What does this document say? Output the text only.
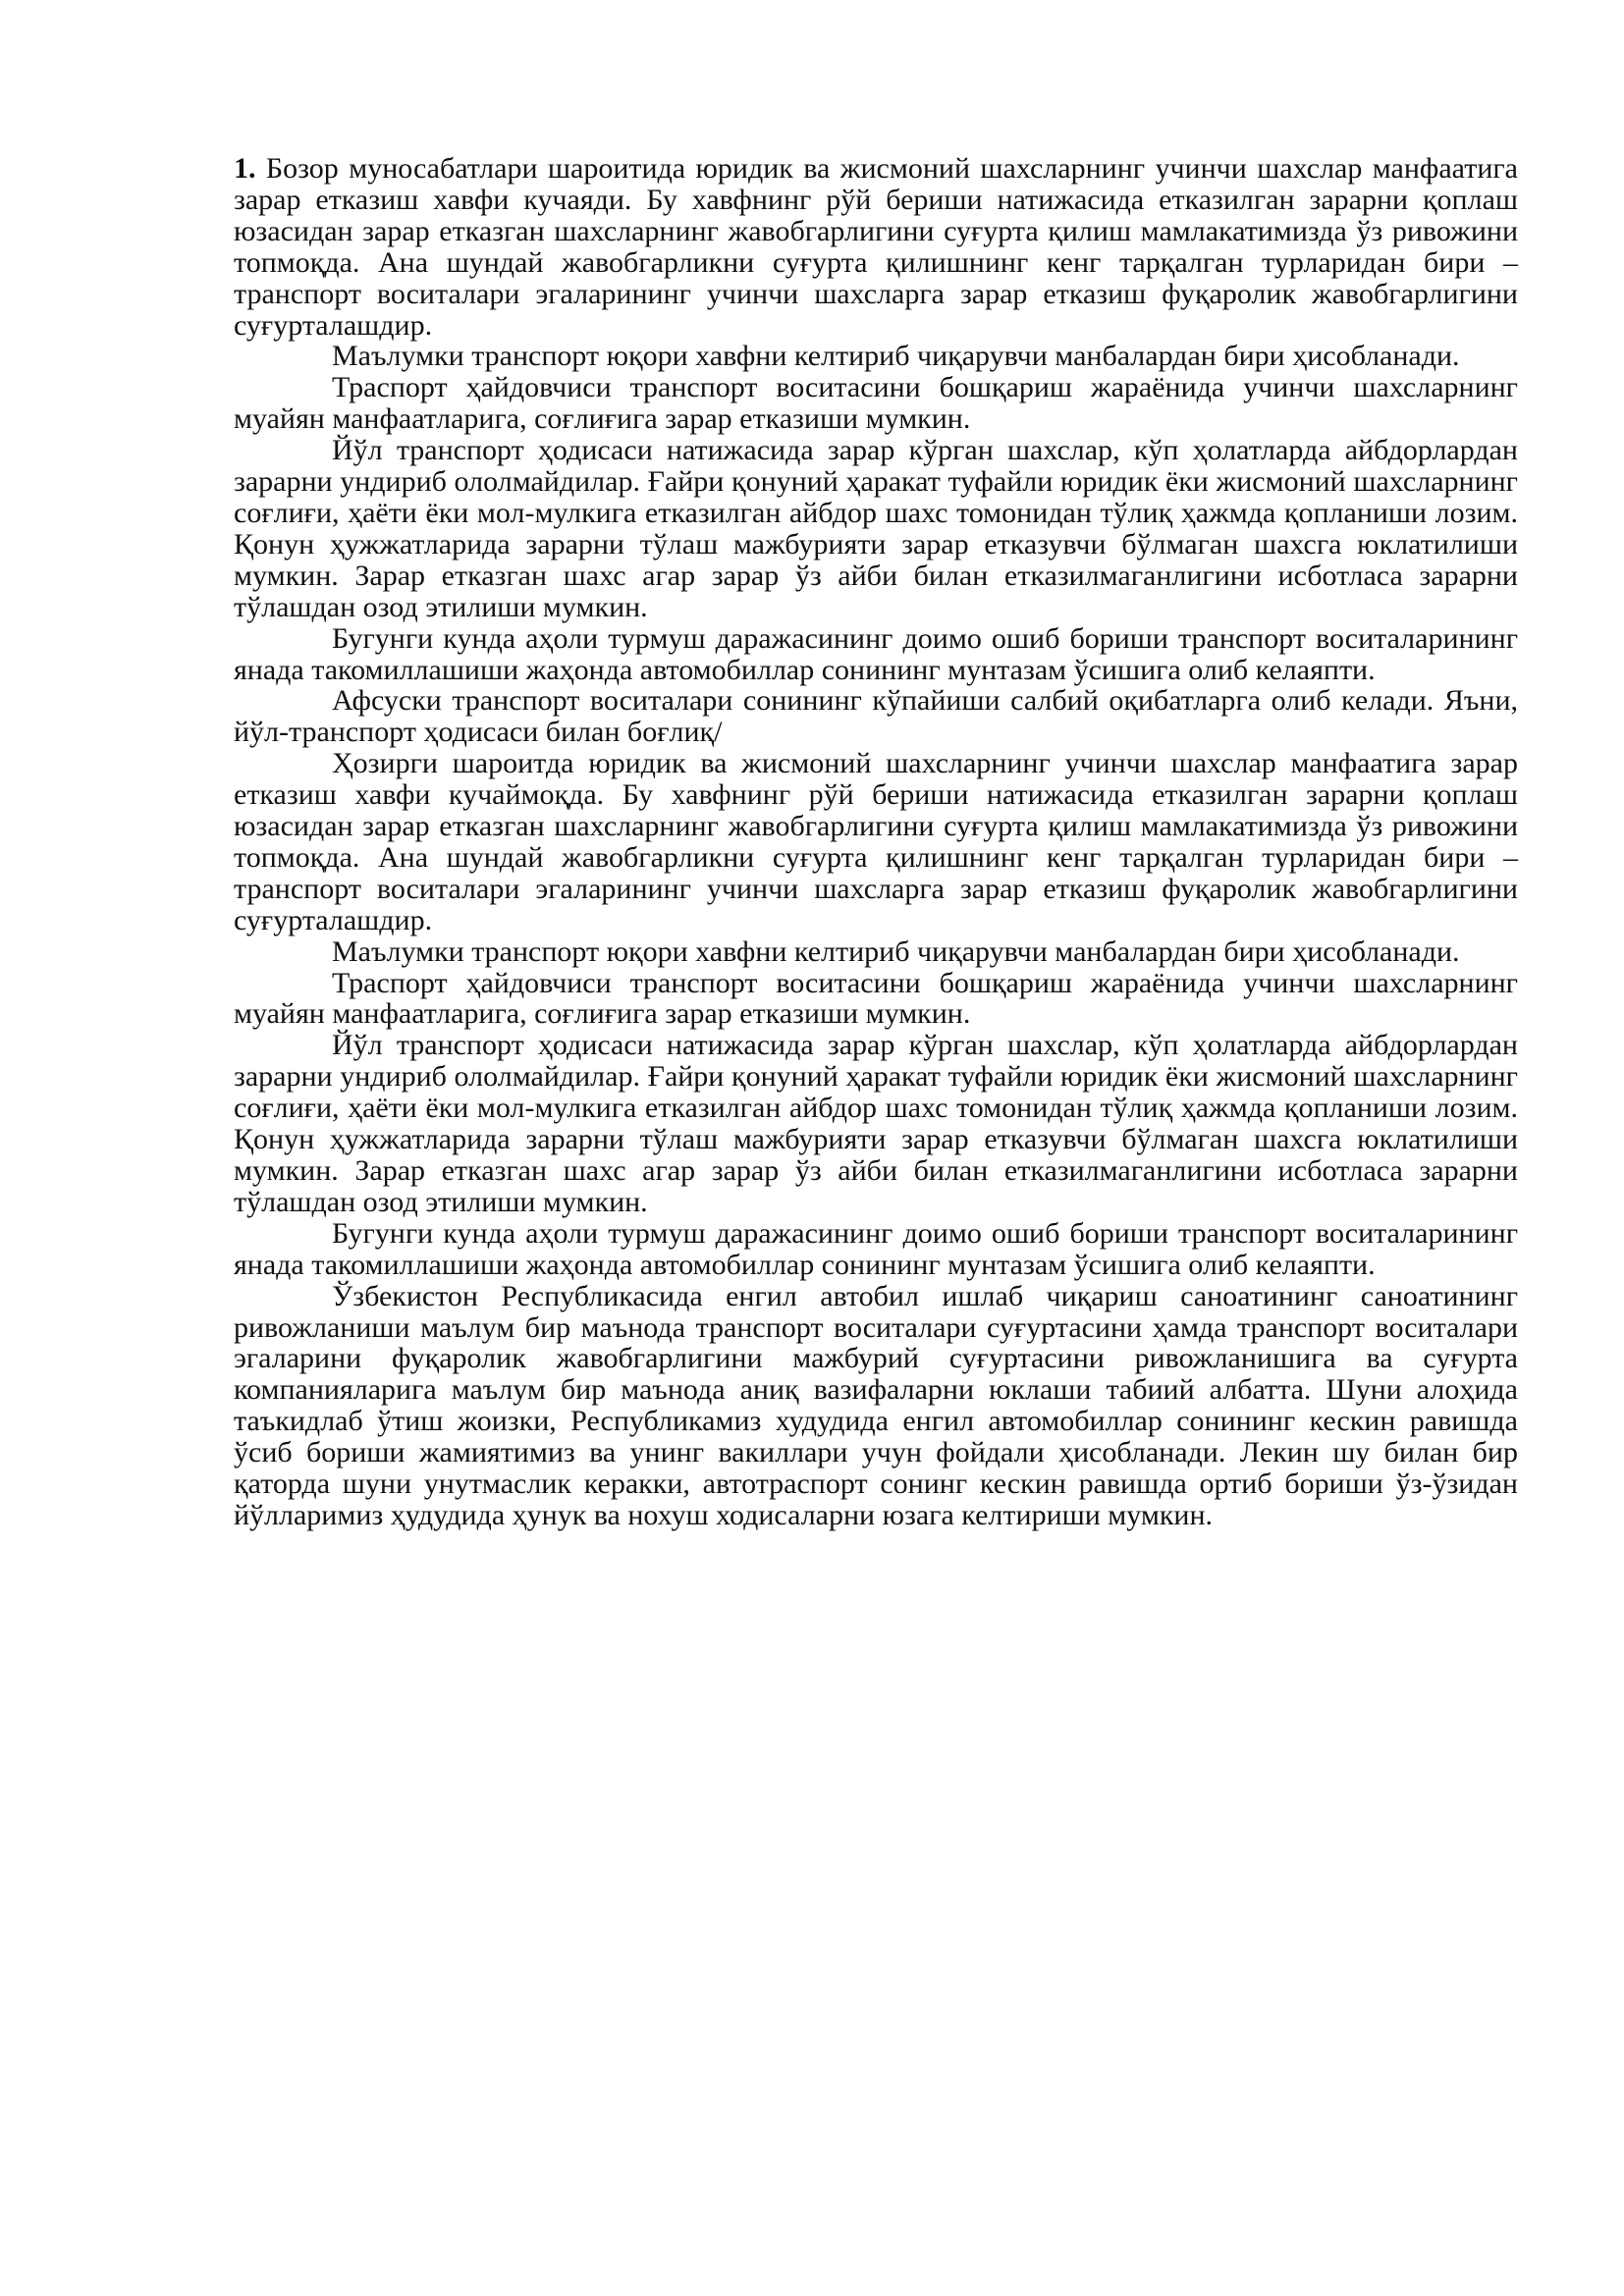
1. Бозор муносабатлари шароитида юридик ва жисмоний шахсларнинг учинчи шахслар манфаатига зарар етказиш хавфи кучаяди. Бу хавфнинг рўй бериши натижасида етказилган зарарни қоплаш юзасидан зарар етказган шахсларнинг жавобгарлигини суғурта қилиш мамлакатимизда ўз ривожини топмоқда. Ана шундай жавобгарликни суғурта қилишнинг кенг тарқалган турларидан бири – транспорт воситалари эгаларининг учинчи шахсларга зарар етказиш фуқаролик жавобгарлигини суғурталашдир.

Маълумки транспорт юқори хавфни келтириб чиқарувчи манбалардан бири ҳисобланади.

Траспорт ҳайдовчиси транспорт воситасини бошқариш жараёнида учинчи шахсларнинг муайян манфаатларига, соғлиғига зарар етказиши мумкин.

Йўл транспорт ҳодисаси натижасида зарар кўрган шахслар, кўп ҳолатларда айбдорлардан зарарни ундириб ололмайдилар. Ғайри қонуний ҳаракат туфайли юридик ёки жисмоний шахсларнинг соғлиғи, ҳаёти ёки мол-мулкига етказилган айбдор шахс томонидан тўлиқ ҳажмда қопланиши лозим. Қонун ҳужжатларида зарарни тўлаш мажбурияти зарар етказувчи бўлмаган шахсга юклатилиши мумкин. Зарар етказган шахс агар зарар ўз айби билан етказилмаганлигини исботласа зарарни тўлашдан озод этилиши мумкин.

Бугунги кунда аҳоли турмуш даражасининг доимо ошиб бориши транспорт воситаларининг янада такомиллашиши жаҳонда автомобиллар сонининг мунтазам ўсишига олиб келаяпти.

Афсуски транспорт воситалари сонининг кўпайиши салбий оқибатларга олиб келади. Яъни, йўл-транспорт ҳодисаси билан боғлиқ/

Ҳозирги шароитда юридик ва жисмоний шахсларнинг учинчи шахслар манфаатига зарар етказиш хавфи кучаймоқда. Бу хавфнинг рўй бериши натижасида етказилган зарарни қоплаш юзасидан зарар етказган шахсларнинг жавобгарлигини суғурта қилиш мамлакатимизда ўз ривожини топмоқда. Ана шундай жавобгарликни суғурта қилишнинг кенг тарқалган турларидан бири – транспорт воситалари эгаларининг учинчи шахсларга зарар етказиш фуқаролик жавобгарлигини суғурталашдир.

Маълумки транспорт юқори хавфни келтириб чиқарувчи манбалардан бири ҳисобланади.

Траспорт ҳайдовчиси транспорт воситасини бошқариш жараёнида учинчи шахсларнинг муайян манфаатларига, соғлиғига зарар етказиши мумкин.

Йўл транспорт ҳодисаси натижасида зарар кўрган шахслар, кўп ҳолатларда айбдорлардан зарарни ундириб ололмайдилар. Ғайри қонуний ҳаракат туфайли юридик ёки жисмоний шахсларнинг соғлиғи, ҳаёти ёки мол-мулкига етказилган айбдор шахс томонидан тўлиқ ҳажмда қопланиши лозим. Қонун ҳужжатларида зарарни тўлаш мажбурияти зарар етказувчи бўлмаган шахсга юклатилиши мумкин. Зарар етказган шахс агар зарар ўз айби билан етказилмаганлигини исботласа зарарни тўлашдан озод этилиши мумкин.

Бугунги кунда аҳоли турмуш даражасининг доимо ошиб бориши транспорт воситаларининг янада такомиллашиши жаҳонда автомобиллар сонининг мунтазам ўсишига олиб келаяпти.

Ўзбекистон Республикасида енгил автобил ишлаб чиқариш саноатининг саноатининг ривожланиши маълум бир маънода транспорт воситалари суғуртасини ҳамда транспорт воситалари эгаларини фуқаролик жавобгарлигини мажбурий суғуртасини ривожланишига ва суғурта компанияларига маълум бир маънода аниқ вазифаларни юклаши табиий албатта. Шуни алоҳида таъкидлаб ўтиш жоизки, Республикамиз худудида енгил автомобиллар сонининг кескин равишда ўсиб бориши жамиятимиз ва унинг вакиллари учун фойдали ҳисобланади. Лекин шу билан бир қаторда шуни унутмаслик керакки, автотраспорт сонинг кескин равишда ортиб бориши ўз-ўзидан йўлларимиз ҳудудида ҳунук ва нохуш ходисаларни юзага келтириши мумкин.
